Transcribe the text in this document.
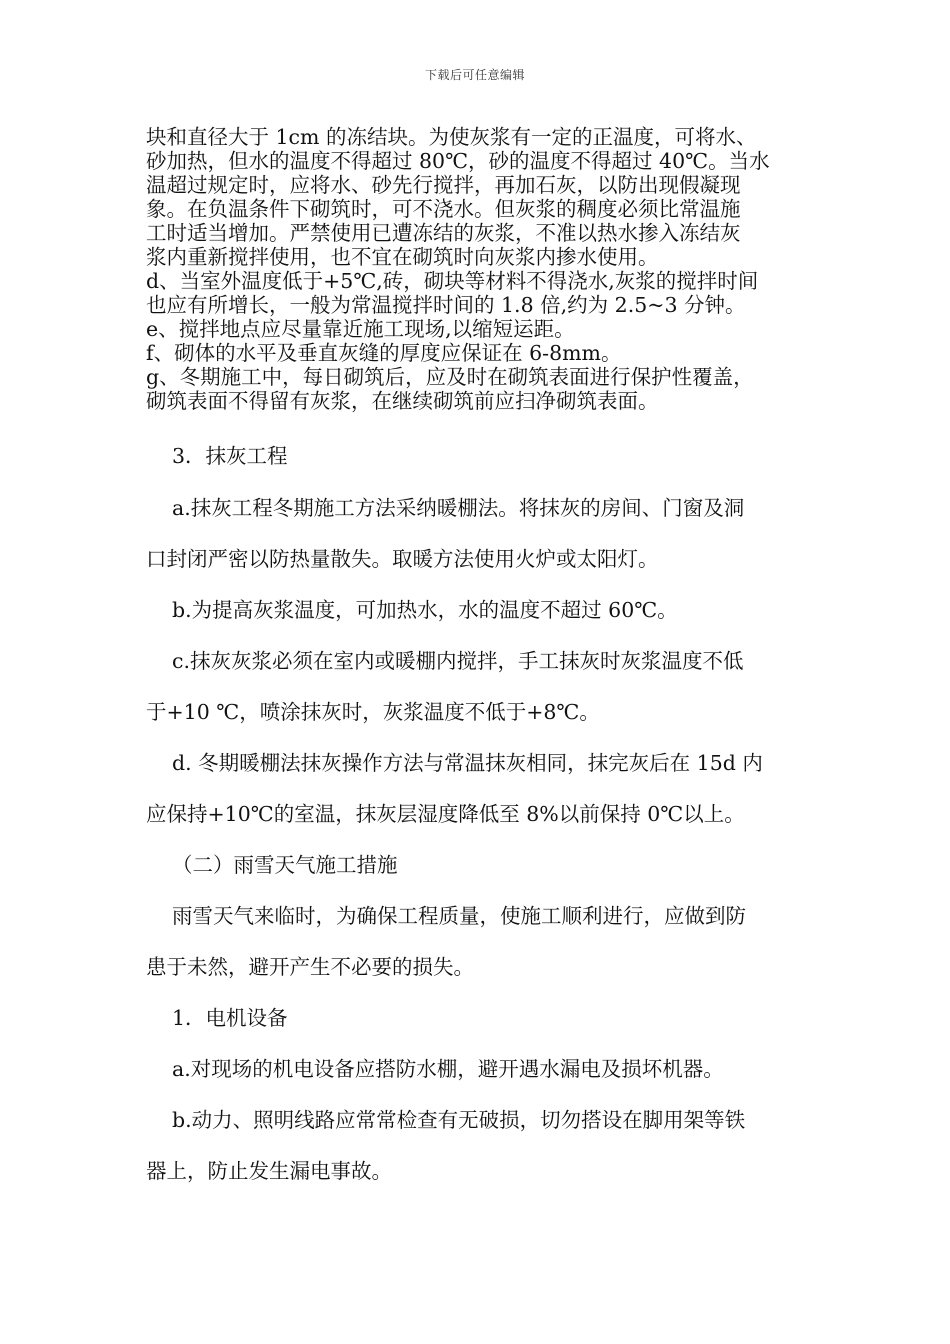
下载后可任意编辑
块和直径大于 1cm 的冻结块。为使灰浆有一定的正温度，可将水、
砂加热，但水的温度不得超过 80℃，砂的温度不得超过 40℃。当水
温超过规定时，应将水、砂先行搅拌，再加石灰，以防出现假凝现
象。在负温条件下砌筑时，可不浇水。但灰浆的稠度必须比常温施
工时适当增加。严禁使用已遭冻结的灰浆，不准以热水掺入冻结灰
浆内重新搅拌使用，也不宜在砌筑时向灰浆内掺水使用。
d、当室外温度低于+5℃,砖，砌块等材料不得浇水,灰浆的搅拌时间
也应有所增长，一般为常温搅拌时间的 1.8 倍,约为 2.5~3 分钟。
e、搅拌地点应尽量靠近施工现场,以缩短运距。
f、砌体的水平及垂直灰缝的厚度应保证在 6-8mm。
g、冬期施工中，每日砌筑后，应及时在砌筑表面进行保护性覆盖，
砌筑表面不得留有灰浆，在继续砌筑前应扫净砌筑表面。
3．抹灰工程
a.抹灰工程冬期施工方法采纳暖棚法。将抹灰的房间、门窗及洞
口封闭严密以防热量散失。取暖方法使用火炉或太阳灯。
b.为提高灰浆温度，可加热水，水的温度不超过 60℃。
c.抹灰灰浆必须在室内或暖棚内搅拌，手工抹灰时灰浆温度不低
于+10 ℃，喷涂抹灰时，灰浆温度不低于+8℃。
d. 冬期暖棚法抹灰操作方法与常温抹灰相同，抹完灰后在 15d 内
应保持+10℃的室温，抹灰层湿度降低至 8%以前保持 0℃以上。
（二）雨雪天气施工措施
雨雪天气来临时，为确保工程质量，使施工顺利进行，应做到防
患于未然，避开产生不必要的损失。
1．电机设备
a.对现场的机电设备应搭防水棚，避开遇水漏电及损坏机器。
b.动力、照明线路应常常检查有无破损，切勿搭设在脚用架等铁
器上，防止发生漏电事故。
